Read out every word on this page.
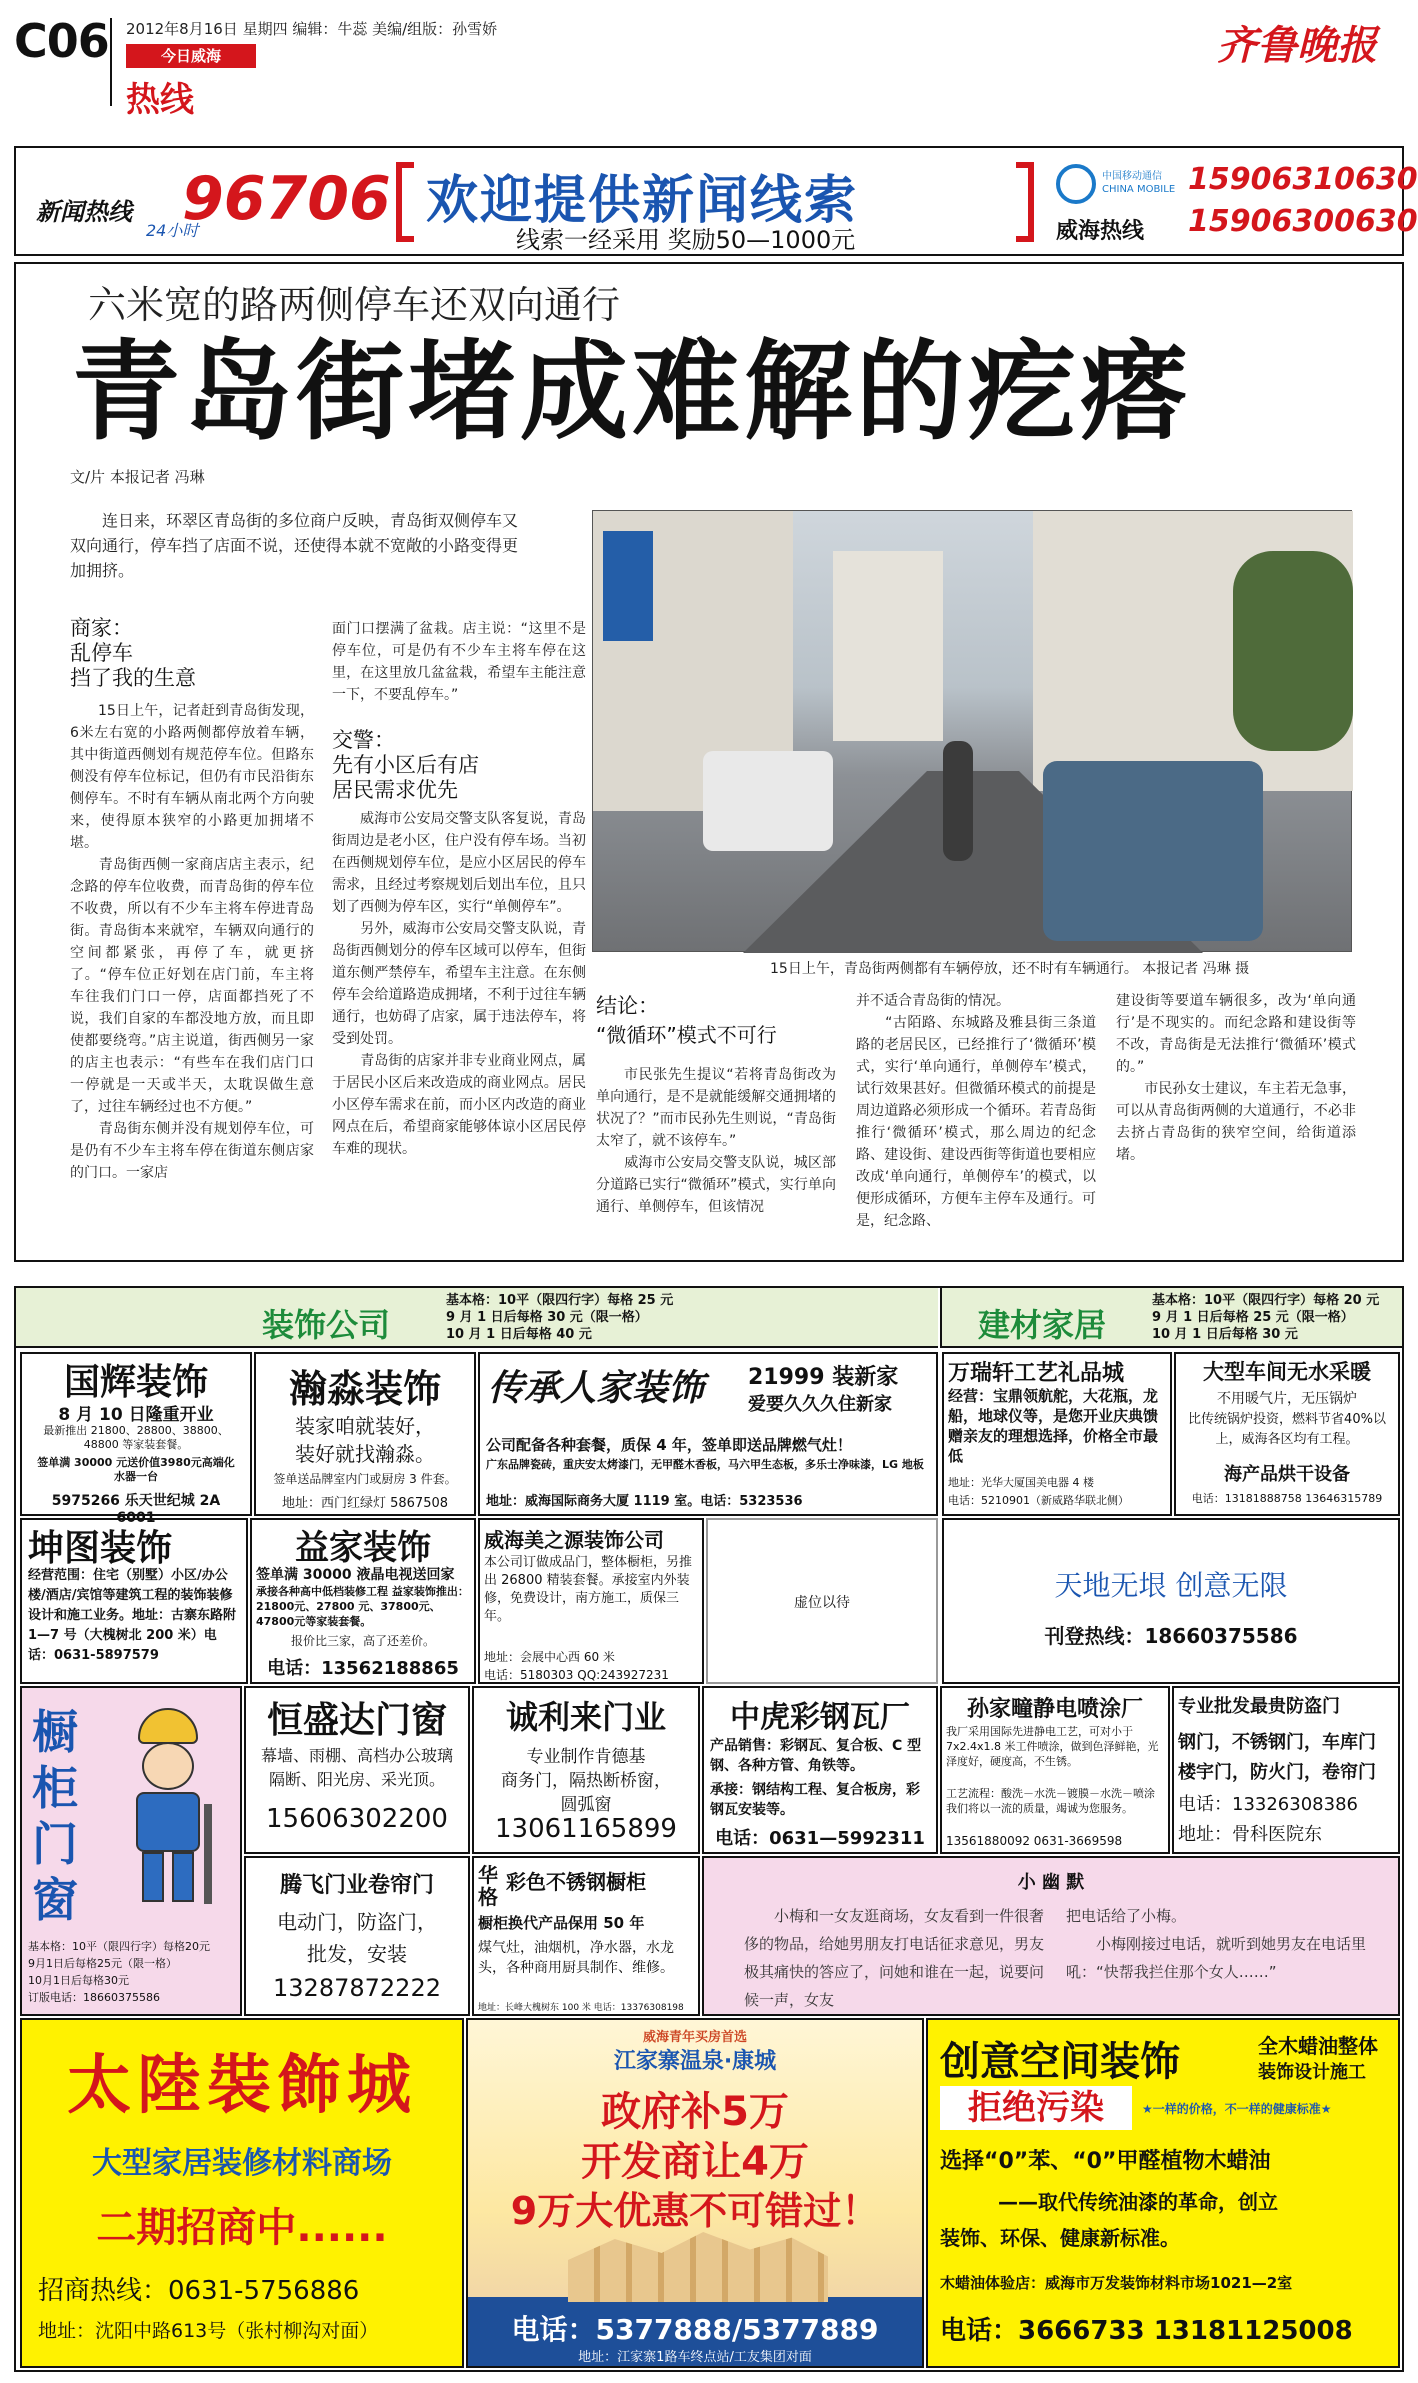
C06 2012年8月16日 星期四 编辑：牛蕊 美编/组版：孙雪娇
今日威海
热线
齐鲁晚报
新闻热线
24小时
96706 欢迎提供新闻线索
线索一经采用 奖励50—1000元
中国移动通信 CHINA MOBILE
威海热线
15906310630
15906300630
六米宽的路两侧停车还双向通行
青岛街堵成难解的疙瘩
文/片 本报记者 冯琳
连日来，环翠区青岛街的多位商户反映，青岛街双侧停车又双向通行，停车挡了店面不说，还使得本就不宽敞的小路变得更加拥挤。
商家：
乱停车
挡了我的生意
15日上午，记者赶到青岛街发现，6米左右宽的小路两侧都停放着车辆，其中街道西侧划有规范停车位。但路东侧没有停车位标记，但仍有市民沿街东侧停车。不时有车辆从南北两个方向驶来，使得原本狭窄的小路更加拥堵不堪。
　　青岛街西侧一家商店店主表示，纪念路的停车位收费，而青岛街的停车位不收费，所以有不少车主将车停进青岛街。青岛街本来就窄，车辆双向通行的空间都紧张，再停了车，就更挤了。“停车位正好划在店门前，车主将车往我们门口一停，店面都挡死了不说，我们自家的车都没地方放，而且即使都要绕弯。”店主说道，街西侧另一家的店主也表示：“有些车在我们店门口一停就是一天或半天，太耽误做生意了，过往车辆经过也不方便。”
　　青岛街东侧并没有规划停车位，可是仍有不少车主将车停在街道东侧店家的门口。一家店
面门口摆满了盆栽。店主说：“这里不是停车位，可是仍有不少车主将车停在这里，在这里放几盆盆栽，希望车主能注意一下，不要乱停车。”
交警：
先有小区后有店
居民需求优先
威海市公安局交警支队客复说，青岛街周边是老小区，住户没有停车场。当初在西侧规划停车位，是应小区居民的停车需求，且经过考察规划后划出车位，且只划了西侧为停车区，实行“单侧停车”。
　　另外，威海市公安局交警支队说，青岛街西侧划分的停车区域可以停车，但街道东侧严禁停车，希望车主注意。在东侧停车会给道路造成拥堵，不利于过往车辆通行，也妨碍了店家，属于违法停车，将受到处罚。
　　青岛街的店家并非专业商业网点，属于居民小区后来改造成的商业网点。居民小区停车需求在前，而小区内改造的商业网点在后，希望商家能够体谅小区居民停车难的现状。
15日上午，青岛街两侧都有车辆停放，还不时有车辆通行。 本报记者 冯琳 摄
结论：
“微循环”模式不可行
市民张先生提议“若将青岛街改为单向通行，是不是就能缓解交通拥堵的状况了？”而市民孙先生则说，“青岛街太窄了，就不该停车。”
　　威海市公安局交警支队说，城区部分道路已实行“微循环”模式，实行单向通行、单侧停车，但该情况
并不适合青岛街的情况。
　　“古陌路、东城路及雅县街三条道路的老居民区，已经推行了‘微循环’模式，实行‘单向通行，单侧停车’模式，试行效果甚好。但微循环模式的前提是周边道路必须形成一个循环。若青岛街推行‘微循环’模式，那么周边的纪念路、建设街、建设西街等街道也要相应改成‘单向通行，单侧停车’的模式，以便形成循环，方便车主停车及通行。可是，纪念路、
建设街等要道车辆很多，改为‘单向通行’是不现实的。而纪念路和建设街等不改，青岛街是无法推行‘微循环’模式的。”
　　市民孙女士建议，车主若无急事，可以从青岛街两侧的大道通行，不必非去挤占青岛街的狭窄空间，给街道添堵。
装饰公司
基本格：10平（限四行字）每格 25 元
9 月 1 日后每格 30 元（限一格）
10 月 1 日后每格 40 元	建材家居
基本格：10平（限四行字）每格 20 元
9 月 1 日后每格 25 元（限一格）
10 月 1 日后每格 30 元
国辉装饰
8 月 10 日隆重开业
最新推出 21800、28800、38800、48800 等家装套餐。
签单满 30000 元送价值3980元高端化水器一台
5975266 乐天世纪城 2A 6001
瀚淼装饰
装家咱就装好，
装好就找瀚淼。
签单送品牌室内门或厨房 3 件套。
地址：西门红绿灯 5867508
传承人家装饰 21999 装新家
爱要久久久住新家
公司配备各种套餐，质保 4 年，签单即送品牌燃气灶！
广东品牌瓷砖，重庆安太烤漆门，无甲醛木香板，马六甲生态板，多乐士净味漆，LG 地板
地址：威海国际商务大厦 1119 室。电话：5323536
万瑞轩工艺礼品城
经营：宝鼎领航舵，大花瓶，龙船，地球仪等，是您开业庆典馈赠亲友的理想选择，价格全市最低
地址：光华大厦国美电器 4 楼
电话：5210901（新威路华联北侧）
大型车间无水采暖
不用暖气片，无压锅炉
比传统锅炉投资，燃料节省40%以上，威海各区均有工程。
海产品烘干设备
电话：13181888758 13646315789
坤图装饰
经营范围：住宅（别墅）小区/办公楼/酒店/宾馆等建筑工程的装饰装修设计和施工业务。地址：古寨东路附 1—7 号（大槐树北 200 米）电话：0631-5897579
益家装饰
签单满 30000 液晶电视送回家
承接各种高中低档装修工程 益家装饰推出：21800元、27800 元、37800元、47800元等家装套餐。
报价比三家，高了还差价。
电话：13562188865
威海美之源装饰公司
本公司订做成品门，整体橱柜，另推出 26800 精装套餐。承接室内外装修，免费设计，南方施工，质保三年。
地址：会展中心西 60 米
电话：5180303 QQ:243927231
虚位以待
天地无垠 创意无限
刊登热线：18660375586
橱柜门窗
基本格：10平（限四行字）每格20元
9月1日后每格25元（限一格）
10月1日后每格30元
订版电话：18660375586
恒盛达门窗
幕墙、雨棚、高档办公玻璃隔断、阳光房、采光顶。
15606302200
诚利来门业
专业制作肯德基
商务门，隔热断桥窗，
圆弧窗
13061165899
中虎彩钢瓦厂
产品销售：彩钢瓦、复合板、C 型钢、各种方管、角铁等。
承接：钢结构工程、复合板房，彩钢瓦安装等。
电话：0631—5992311
孙家疃静电喷涂厂
我厂采用国际先进静电工艺，可对小于 7x2.4x1.8 米工件喷涂，做到色泽鲜艳，光泽度好，硬度高，不生锈。
工艺流程：酸洗－水洗－镀膜－水洗－喷涂 我们将以一流的质量，竭诚为您服务。
13561880092 0631-3669598
专业批发最贵防盗门
钢门，不锈钢门，车库门
楼宇门，防火门，卷帘门
电话：13326308386
地址：骨科医院东
腾飞门业卷帘门
电动门，防盗门，
批发，安装
13287872222
华格
彩色不锈钢橱柜
橱柜换代产品保用 50 年
煤气灶，油烟机，净水器，水龙头，各种商用厨具制作、维修。
地址：长峰大槐树东 100 米 电话：13376308198
小 幽 默
小梅和一女友逛商场，女友看到一件很奢侈的物品，给她男朋友打电话征求意见，男友极其痛快的答应了，问她和谁在一起，说要问候一声，女友
把电话给了小梅。
　　小梅刚接过电话，就听到她男友在电话里吼：“快帮我拦住那个女人……”
太陸裝飾城
大型家居装修材料商场
二期招商中......
招商热线：0631-5756886
地址：沈阳中路613号（张村柳沟对面）
威海青年买房首选
江家寨温泉·康城
政府补5万
开发商让4万
9万大优惠不可错过！
电话：5377888/5377889
地址：江家寨1路车终点站/工友集团对面
创意空间装饰	全木蜡油整体
装饰设计施工
拒绝污染	★一样的价格，不一样的健康标准★
选择“0”苯、“0”甲醛植物木蜡油
——取代传统油漆的革命，创立
装饰、环保、健康新标准。
木蜡油体验店：威海市万发装饰材料市场1021—2室
电话：3666733 13181125008
